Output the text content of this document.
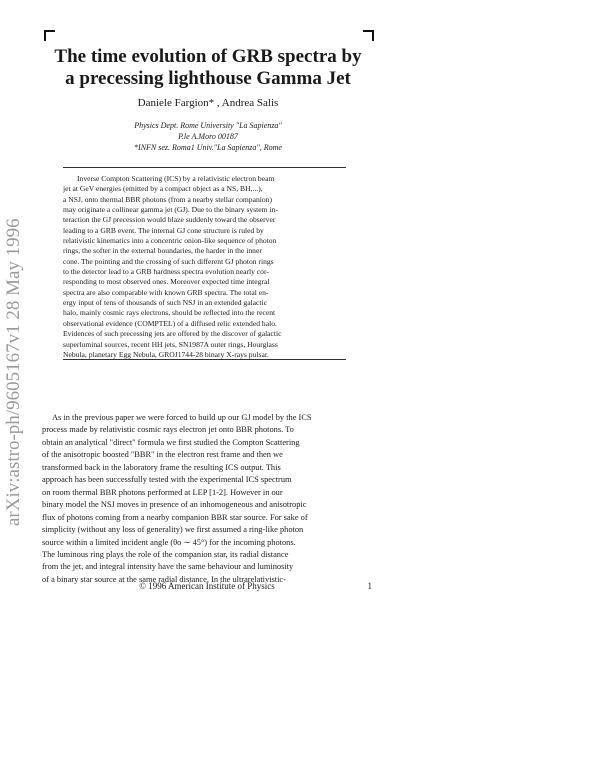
arXiv:astro-ph/9605167v1 28 May 1996
The time evolution of GRB spectra by
a precessing lighthouse Gamma Jet
Daniele Fargion* , Andrea Salis
Physics Dept. Rome University "La Sapienza"
P.le A.Moro 00187
*INFN sez. Roma1 Univ."La Sapienza", Rome
Inverse Compton Scattering (ICS) by a relativistic electron beam
jet at GeV energies (emitted by a compact object as a NS, BH,...),
a NSJ, onto thermal BBR photons (from a nearby stellar companion)
may originate a collinear gamma jet (GJ). Due to the binary system in-
teraction the GJ precession would blaze suddenly toward the observer
leading to a GRB event. The internal GJ cone structure is ruled by
relativistic kinematics into a concentric onion-like sequence of photon
rings, the softer in the external boundaries, the harder in the inner
cone. The pointing and the crossing of such different GJ photon rings
to the detector lead to a GRB hardness spectra evolution nearly cor-
responding to most observed ones. Moreover expected time integral
spectra are also comparable with known GRB spectra. The total en-
ergy input of tens of thousands of such NSJ in an extended galactic
halo, mainly cosmic rays electrons, should be reflected into the recent
observational evidence (COMPTEL) of a diffused relic extended halo.
Evidences of such precessing jets are offered by the discover of galactic
superluminal sources, recent HH jets, SN1987A outer rings, Hourglass
Nebula, planetary Egg Nebula, GROJ1744-28 binary X-rays pulsar.
As in the previous paper we were forced to build up our GJ model by the ICS
process made by relativistic cosmic rays electron jet onto BBR photons. To
obtain an analytical "direct" formula we first studied the Compton Scattering
of the anisotropic boosted "BBR" in the electron rest frame and then we
transformed back in the laboratory frame the resulting ICS output. This
approach has been successfully tested with the experimental ICS spectrum
on room thermal BBR photons performed at LEP [1-2]. However in our
binary model the NSJ moves in presence of an inhomogeneous and anisotropic
flux of photons coming from a nearby companion BBR star source. For sake of
simplicity (without any loss of generality) we first assumed a ring-like photon
source within a limited incident angle (θo ∼ 45°) for the incoming photons.
The luminous ring plays the role of the companion star, its radial distance
from the jet, and integral intensity have the same behaviour and luminosity
of a binary star source at the same radial distance. In the ultrarelativistic-
© 1996 American Institute of Physics	1
